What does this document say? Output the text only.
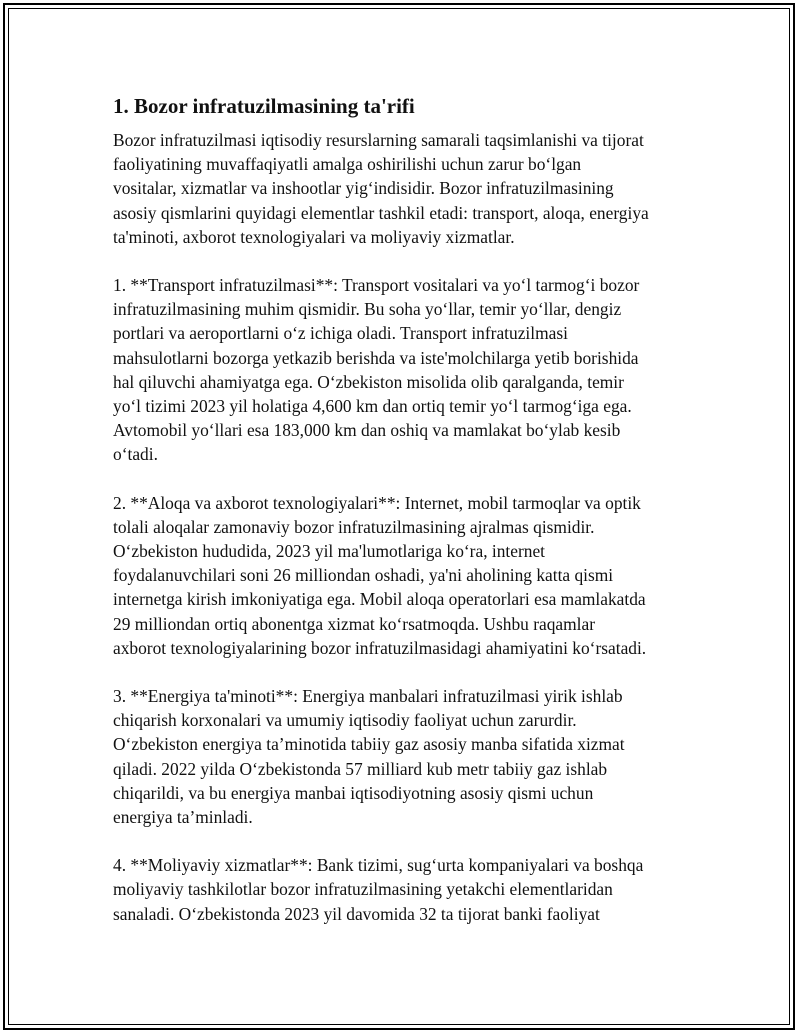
1. Bozor infratuzilmasining ta'rifi

Bozor infratuzilmasi iqtisodiy resurslarning samarali taqsimlanishi va tijorat
faoliyatining muvaffaqiyatli amalga oshirilishi uchun zarur bo‘lgan
vositalar, xizmatlar va inshootlar yig‘indisidir. Bozor infratuzilmasining
asosiy qismlarini quyidagi elementlar tashkil etadi: transport, aloqa, energiya
ta'minoti, axborot texnologiyalari va moliyaviy xizmatlar.

1. **Transport infratuzilmasi**: Transport vositalari va yo‘l tarmog‘i bozor
infratuzilmasining muhim qismidir. Bu soha yo‘llar, temir yo‘llar, dengiz
portlari va aeroportlarni o‘z ichiga oladi. Transport infratuzilmasi
mahsulotlarni bozorga yetkazib berishda va iste'molchilarga yetib borishida
hal qiluvchi ahamiyatga ega. O‘zbekiston misolida olib qaralganda, temir
yo‘l tizimi 2023 yil holatiga 4,600 km dan ortiq temir yo‘l tarmog‘iga ega.
Avtomobil yo‘llari esa 183,000 km dan oshiq va mamlakat bo‘ylab kesib
o‘tadi.

2. **Aloqa va axborot texnologiyalari**: Internet, mobil tarmoqlar va optik
tolali aloqalar zamonaviy bozor infratuzilmasining ajralmas qismidir.
O‘zbekiston hududida, 2023 yil ma'lumotlariga ko‘ra, internet
foydalanuvchilari soni 26 milliondan oshadi, ya'ni aholining katta qismi
internetga kirish imkoniyatiga ega. Mobil aloqa operatorlari esa mamlakatda
29 milliondan ortiq abonentga xizmat ko‘rsatmoqda. Ushbu raqamlar
axborot texnologiyalarining bozor infratuzilmasidagi ahamiyatini ko‘rsatadi.

3. **Energiya ta'minoti**: Energiya manbalari infratuzilmasi yirik ishlab
chiqarish korxonalari va umumiy iqtisodiy faoliyat uchun zarurdir.
O‘zbekiston energiya ta’minotida tabiiy gaz asosiy manba sifatida xizmat
qiladi. 2022 yilda O‘zbekistonda 57 milliard kub metr tabiiy gaz ishlab
chiqarildi, va bu energiya manbai iqtisodiyotning asosiy qismi uchun
energiya ta’minladi.

4. **Moliyaviy xizmatlar**: Bank tizimi, sug‘urta kompaniyalari va boshqa
moliyaviy tashkilotlar bozor infratuzilmasining yetakchi elementlaridan
sanaladi. O‘zbekistonda 2023 yil davomida 32 ta tijorat banki faoliyat
